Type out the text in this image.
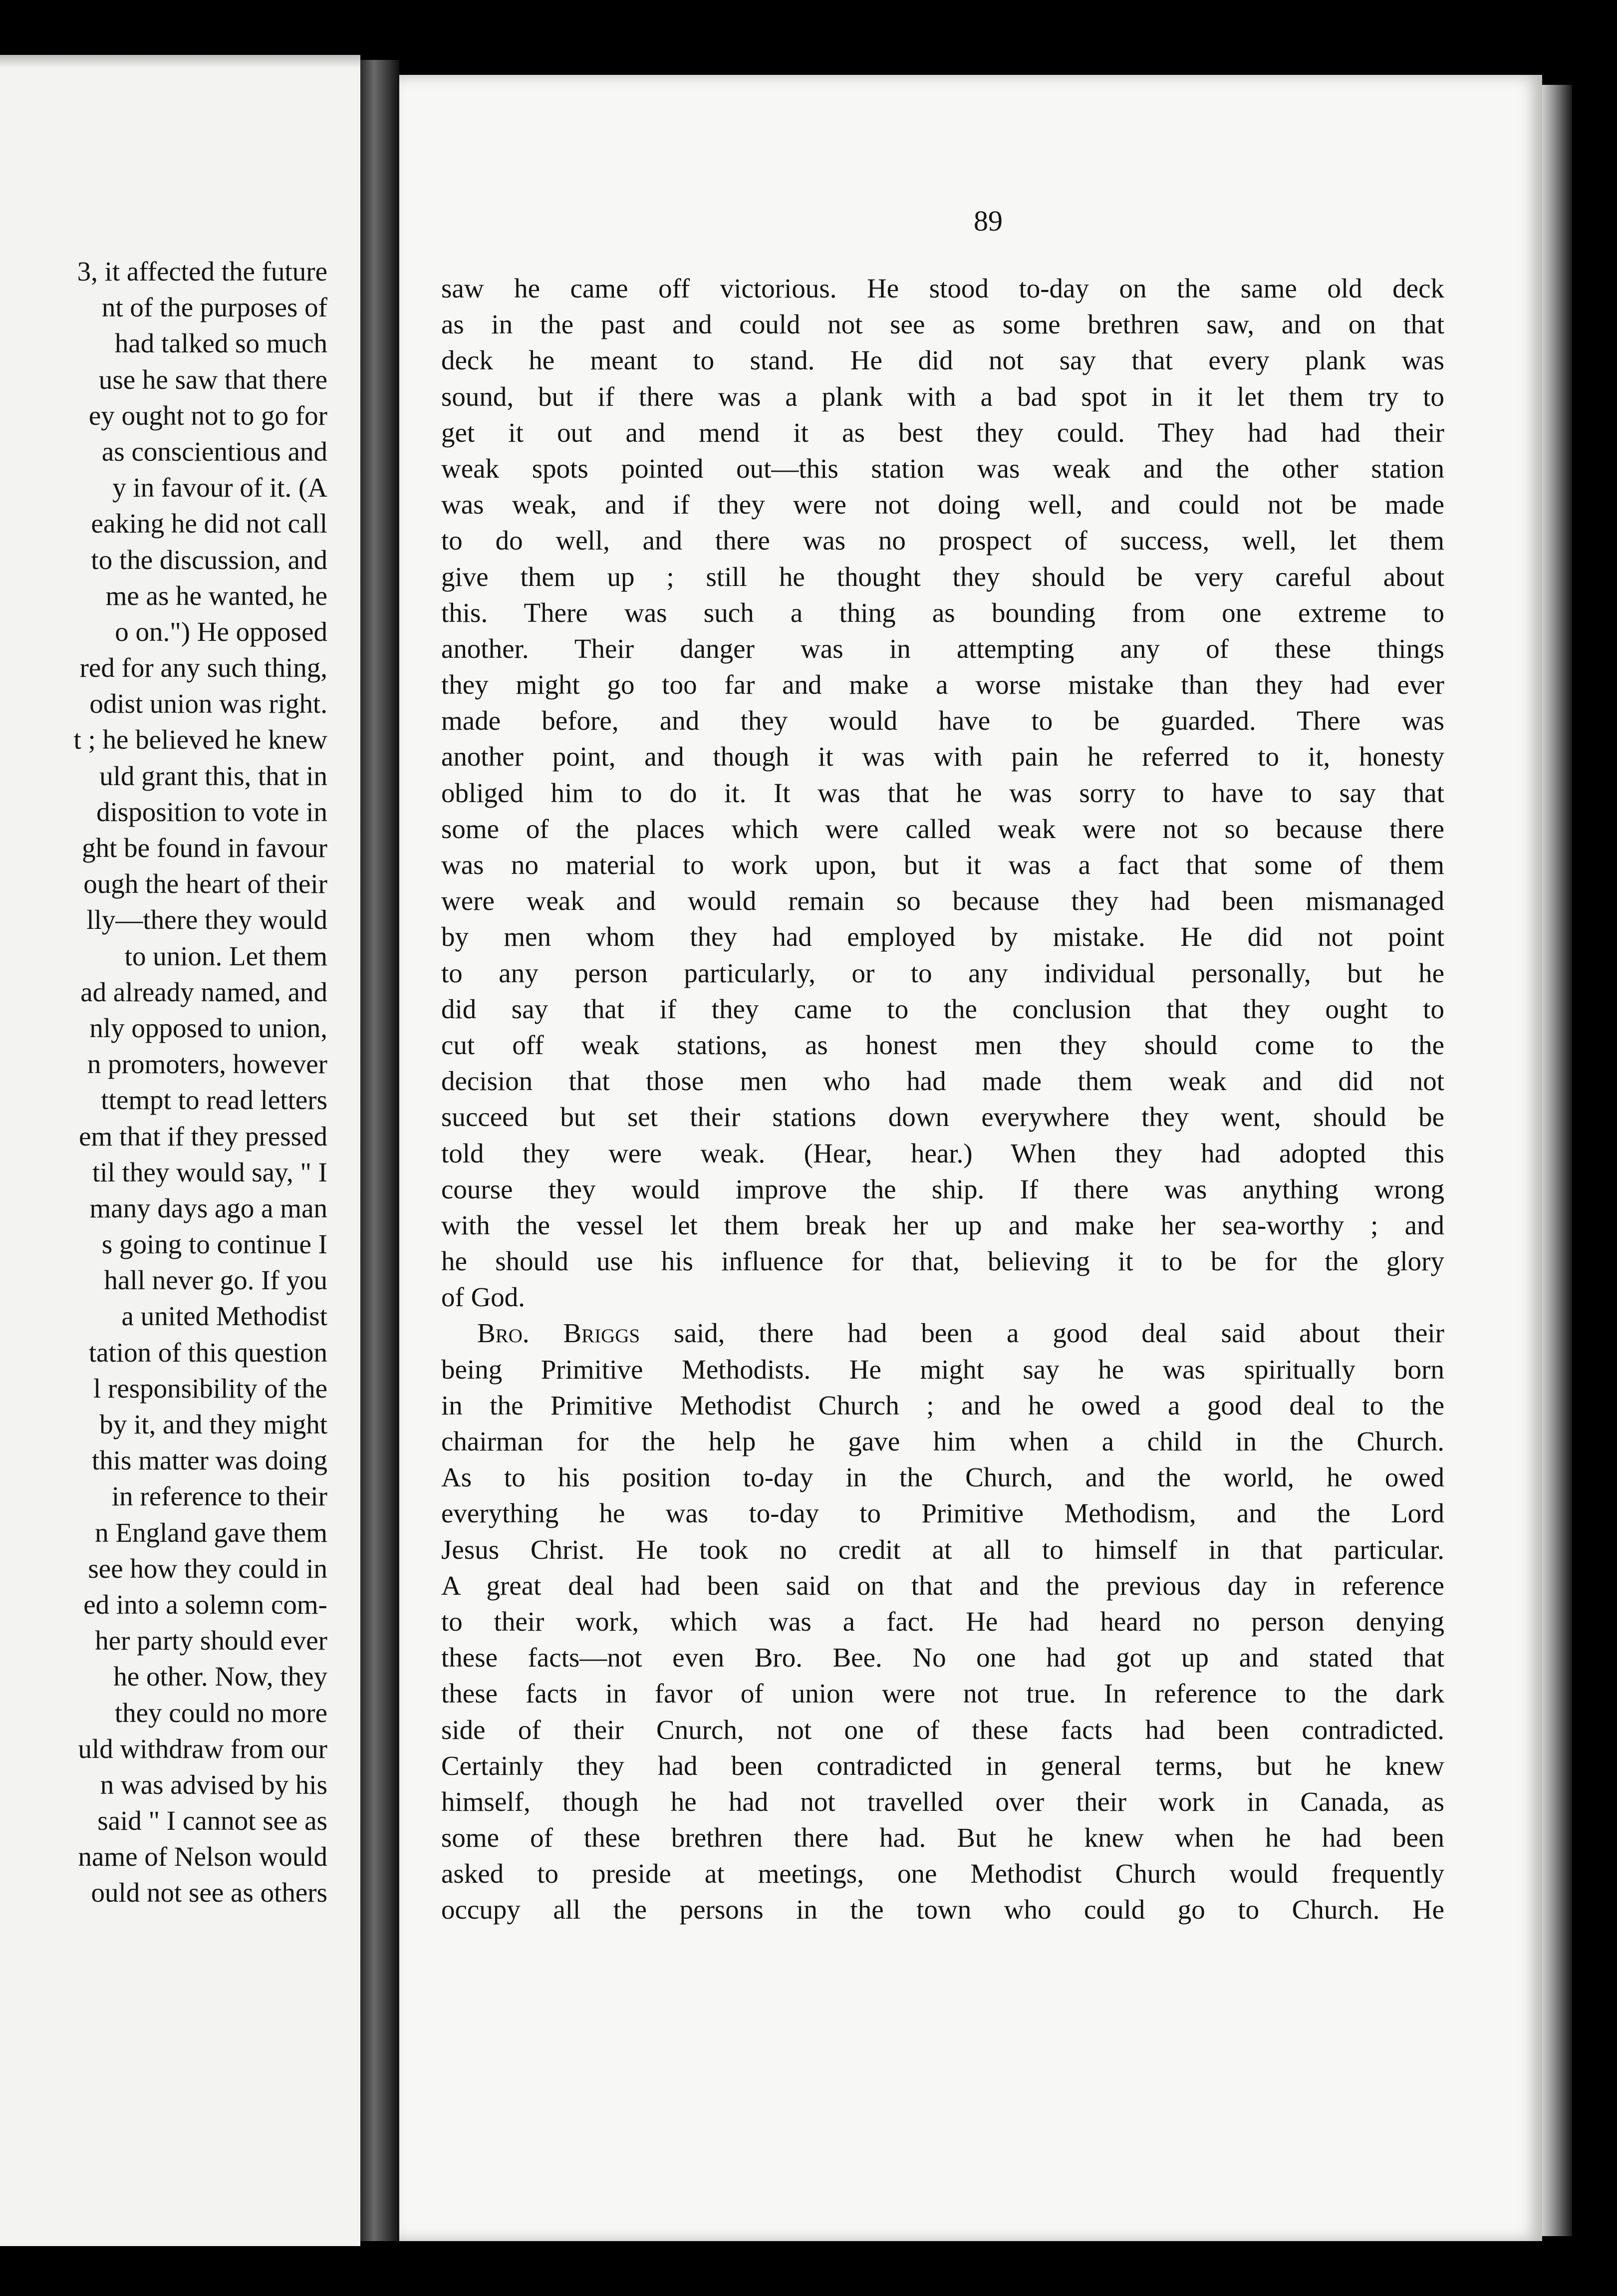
3, it affected the future
nt of the purposes of
had talked so much
use he saw that there
ey ought not to go for
as conscientious and
y in favour of it. (A
eaking he did not call
to the discussion, and
me as he wanted, he
o on.") He opposed
red for any such thing,
odist union was right.
t ; he believed he knew
uld grant this, that in
disposition to vote in
ght be found in favour
ough the heart of their
lly—there they would
to union. Let them
ad already named, and
nly opposed to union,
n promoters, however
ttempt to read letters
em that if they pressed
til they would say, " I
many days ago a man
s going to continue I
hall never go. If you
a united Methodist
tation of this question
l responsibility of the
by it, and they might
this matter was doing
in reference to their
n England gave them
see how they could in
ed into a solemn com-
her party should ever
he other. Now, they
they could no more
uld withdraw from our
n was advised by his
said " I cannot see as
name of Nelson would
ould not see as others
89
saw he came off victorious. He stood to-day on the same old deck
as in the past and could not see as some brethren saw, and on that
deck he meant to stand. He did not say that every plank was
sound, but if there was a plank with a bad spot in it let them try to
get it out and mend it as best they could. They had had their
weak spots pointed out—this station was weak and the other station
was weak, and if they were not doing well, and could not be made
to do well, and there was no prospect of success, well, let them
give them up ; still he thought they should be very careful about
this. There was such a thing as bounding from one extreme to
another. Their danger was in attempting any of these things
they might go too far and make a worse mistake than they had ever
made before, and they would have to be guarded. There was
another point, and though it was with pain he referred to it, honesty
obliged him to do it. It was that he was sorry to have to say that
some of the places which were called weak were not so because there
was no material to work upon, but it was a fact that some of them
were weak and would remain so because they had been mismanaged
by men whom they had employed by mistake. He did not point
to any person particularly, or to any individual personally, but he
did say that if they came to the conclusion that they ought to
cut off weak stations, as honest men they should come to the
decision that those men who had made them weak and did not
succeed but set their stations down everywhere they went, should be
told they were weak. (Hear, hear.) When they had adopted this
course they would improve the ship. If there was anything wrong
with the vessel let them break her up and make her sea-worthy ; and
he should use his influence for that, believing it to be for the glory
of God.
Bro. Briggs said, there had been a good deal said about their
being Primitive Methodists. He might say he was spiritually born
in the Primitive Methodist Church ; and he owed a good deal to the
chairman for the help he gave him when a child in the Church.
As to his position to-day in the Church, and the world, he owed
everything he was to-day to Primitive Methodism, and the Lord
Jesus Christ. He took no credit at all to himself in that particular.
A great deal had been said on that and the previous day in reference
to their work, which was a fact. He had heard no person denying
these facts—not even Bro. Bee. No one had got up and stated that
these facts in favor of union were not true. In reference to the dark
side of their Cnurch, not one of these facts had been contradicted.
Certainly they had been contradicted in general terms, but he knew
himself, though he had not travelled over their work in Canada, as
some of these brethren there had. But he knew when he had been
asked to preside at meetings, one Methodist Church would frequently
occupy all the persons in the town who could go to Church. He
